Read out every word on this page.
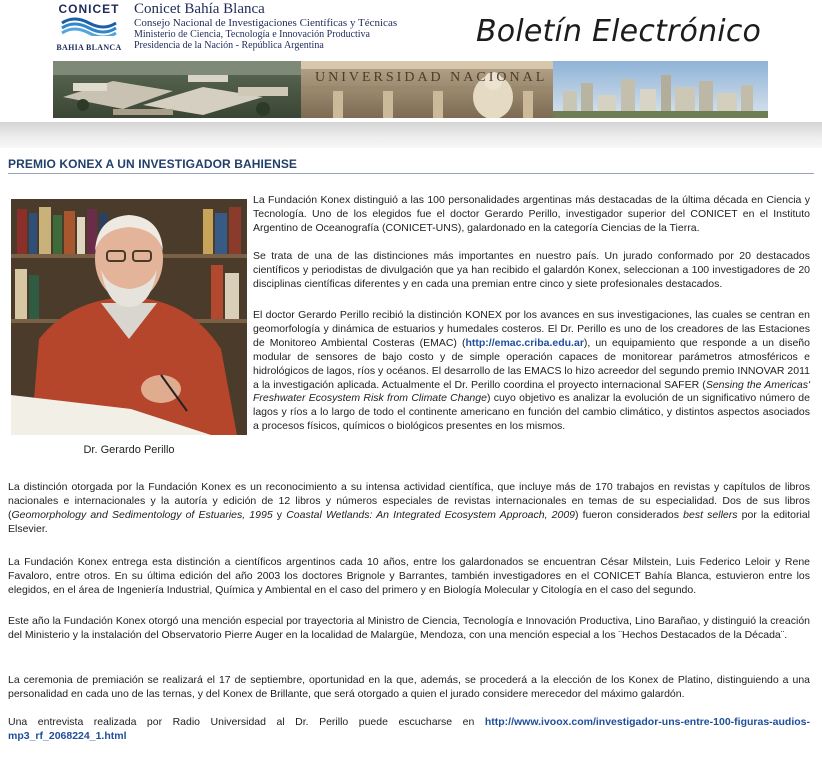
CONICET
BAHIA BLANCA
Conicet Bahía Blanca
Consejo Nacional de Investigaciones Científicas y Técnicas
Ministerio de Ciencia, Tecnología e Innovación Productiva
Presidencia de la Nación - República Argentina	Boletín Electrónico
UNIVERSIDAD NACIONAL
PREMIO KONEX A UN INVESTIGADOR BAHIENSE
Dr. Gerardo Perillo

La Fundación Konex distinguió a las 100 personalidades argentinas más destacadas de la última década en Ciencia y Tecnología. Uno de los elegidos fue el doctor Gerardo Perillo, investigador superior del CONICET en el Instituto Argentino de Oceanografía (CONICET-UNS), galardonado en la categoría Ciencias de la Tierra.

Se trata de una de las distinciones más importantes en nuestro país. Un jurado conformado por 20 destacados científicos y periodistas de divulgación que ya han recibido el galardón Konex, seleccionan a 100 investigadores de 20 disciplinas científicas diferentes y en cada una premian entre cinco y siete profesionales destacados.

El doctor Gerardo Perillo recibió la distinción KONEX por los avances en sus investigaciones, las cuales se centran en geomorfología y dinámica de estuarios y humedales costeros. El Dr. Perillo es uno de los creadores de las Estaciones de Monitoreo Ambiental Costeras (EMAC) (http://emac.criba.edu.ar), un equipamiento que responde a un diseño modular de sensores de bajo costo y de simple operación capaces de monitorear parámetros atmosféricos e hidrológicos de lagos, ríos y océanos. El desarrollo de las EMACS lo hizo acreedor del segundo premio INNOVAR 2011 a la investigación aplicada. Actualmente el Dr. Perillo coordina el proyecto internacional SAFER (Sensing the Americas' Freshwater Ecosystem Risk from Climate Change) cuyo objetivo es analizar la evolución de un significativo número de lagos y ríos a lo largo de todo el continente americano en función del cambio climático, y distintos aspectos asociados a procesos físicos, químicos o biológicos presentes en los mismos.

La distinción otorgada por la Fundación Konex es un reconocimiento a su intensa actividad científica, que incluye más de 170 trabajos en revistas y capítulos de libros nacionales e internacionales y la autoría y edición de 12 libros y números especiales de revistas internacionales en temas de su especialidad. Dos de sus libros (Geomorphology and Sedimentology of Estuaries, 1995 y Coastal Wetlands: An Integrated Ecosystem Approach, 2009) fueron considerados best sellers por la editorial Elsevier.

La Fundación Konex entrega esta distinción a científicos argentinos cada 10 años, entre los galardonados se encuentran César Milstein, Luis Federico Leloir y Rene Favaloro, entre otros. En su última edición del año 2003 los doctores Brignole y Barrantes, también investigadores en el CONICET Bahía Blanca, estuvieron entre los elegidos, en el área de Ingeniería Industrial, Química y Ambiental en el caso del primero y en Biología Molecular y Citología en el caso del segundo.

Este año la Fundación Konex otorgó una mención especial por trayectoria al Ministro de Ciencia, Tecnología e Innovación Productiva, Lino Barañao, y distinguió la creación del Ministerio y la instalación del Observatorio Pierre Auger en la localidad de Malargüe, Mendoza, con una mención especial a los ¨Hechos Destacados de la Década¨.

La ceremonia de premiación se realizará el 17 de septiembre, oportunidad en la que, además, se procederá a la elección de los Konex de Platino, distinguiendo a una personalidad en cada uno de las ternas, y del Konex de Brillante, que será otorgado a quien el jurado considere merecedor del máximo galardón.

Una entrevista realizada por Radio Universidad al Dr. Perillo puede escucharse en http://www.ivoox.com/investigador-uns-entre-100-figuras-audios-mp3_rf_2068224_1.html
